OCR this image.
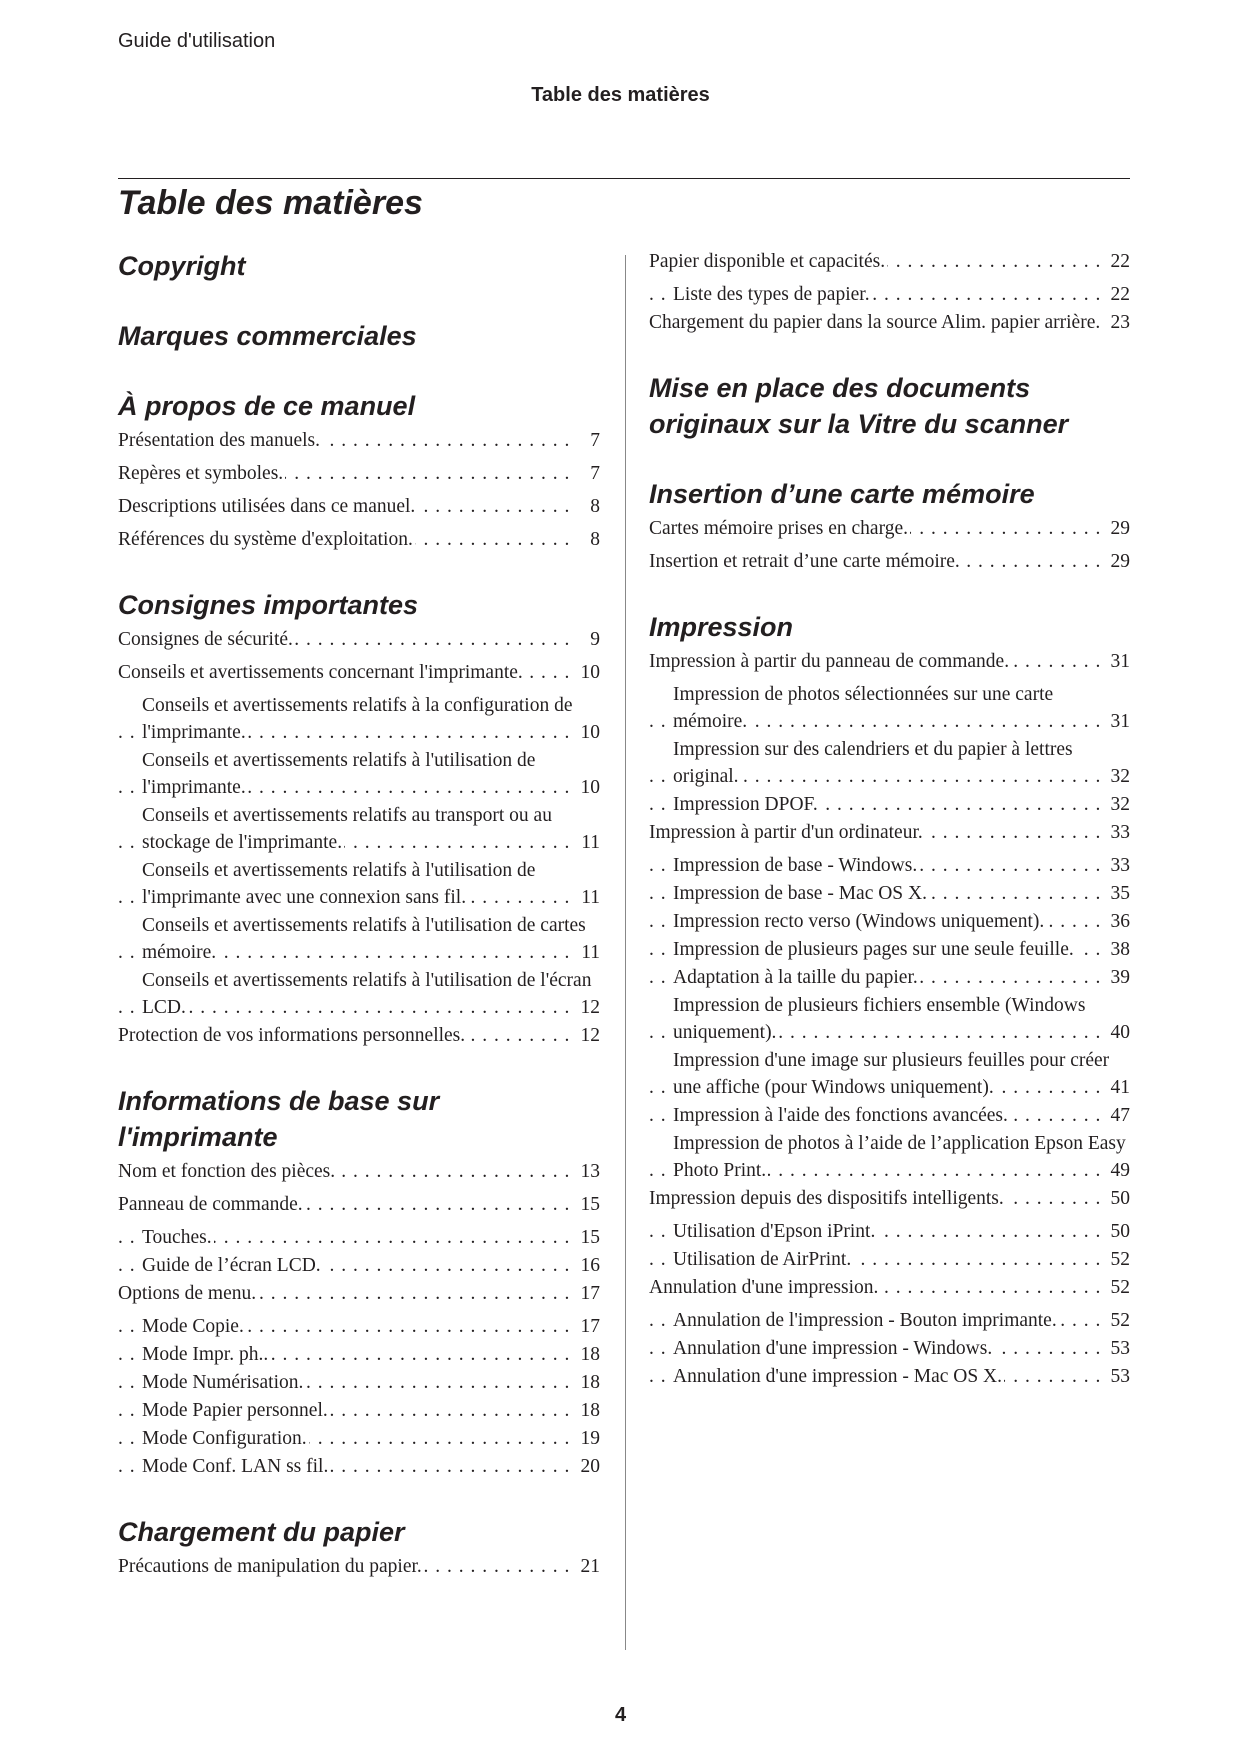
Guide d'utilisation
Table des matières
Table des matières
Copyright
Marques commerciales
À propos de ce manuel
Présentation des manuels.	7
. . .
Repères et symboles.	7
. . .
Descriptions utilisées dans ce manuel.	8
. . .
Références du système d'exploitation.	8
. . .
Consignes importantes
Consignes de sécurité.	9
. . .
Conseils et avertissements concernant l'imprimante.	10
. . .
Conseils et avertissements relatifs à la configuration de l'imprimante.	10
. . .
Conseils et avertissements relatifs à l'utilisation de l'imprimante.	10
. . .
Conseils et avertissements relatifs au transport ou au stockage de l'imprimante.	11
. . .
Conseils et avertissements relatifs à l'utilisation de l'imprimante avec une connexion sans fil.	11
. . .
Conseils et avertissements relatifs à l'utilisation de cartes mémoire.	11
. . .
Conseils et avertissements relatifs à l'utilisation de l'écran LCD.	12
. . .
Protection de vos informations personnelles.	12
. . .
Informations de base sur l'imprimante
Nom et fonction des pièces.	13
. . .
Panneau de commande.	15
. . .
Touches.	15
. . .
Guide de l’écran LCD.	16
. . .
Options de menu.	17
. . .
Mode Copie.	17
. . .
Mode Impr. ph..	18
. . .
Mode Numérisation.	18
. . .
Mode Papier personnel.	18
. . .
Mode Configuration.	19
. . .
Mode Conf. LAN ss fil.	20
. . .
Chargement du papier
Précautions de manipulation du papier.	21
. . .
Papier disponible et capacités.	22
. . .
Liste des types de papier.	22
. . .
Chargement du papier dans la source Alim. papier arrière. 23
. . .
Mise en place des documents originaux sur la Vitre du scanner
Insertion d’une carte mémoire
Cartes mémoire prises en charge.	29
. . .
Insertion et retrait d’une carte mémoire.	29
. . .
Impression
Impression à partir du panneau de commande.	31
. . .
Impression de photos sélectionnées sur une carte mémoire.	31
. . .
Impression sur des calendriers et du papier à lettres original.	32
. . .
Impression DPOF.	32
. . .
Impression à partir d'un ordinateur.	33
. . .
Impression de base - Windows.	33
. . .
Impression de base - Mac OS X.	35
. . .
Impression recto verso (Windows uniquement).	36
. . .
Impression de plusieurs pages sur une seule feuille.	38
. . .
Adaptation à la taille du papier.	39
. . .
Impression de plusieurs fichiers ensemble (Windows uniquement).	40
. . .
Impression d'une image sur plusieurs feuilles pour créer une affiche (pour Windows uniquement).	41
. . .
Impression à l'aide des fonctions avancées.	47
. . .
Impression de photos à l’aide de l’application Epson Easy Photo Print.	49
. . .
Impression depuis des dispositifs intelligents.	50
. . .
Utilisation d'Epson iPrint.	50
. . .
Utilisation de AirPrint.	52
. . .
Annulation d'une impression.	52
. . .
Annulation de l'impression - Bouton imprimante.	52
. . .
Annulation d'une impression - Windows.	53
. . .
Annulation d'une impression - Mac OS X.	53
. . .
4
